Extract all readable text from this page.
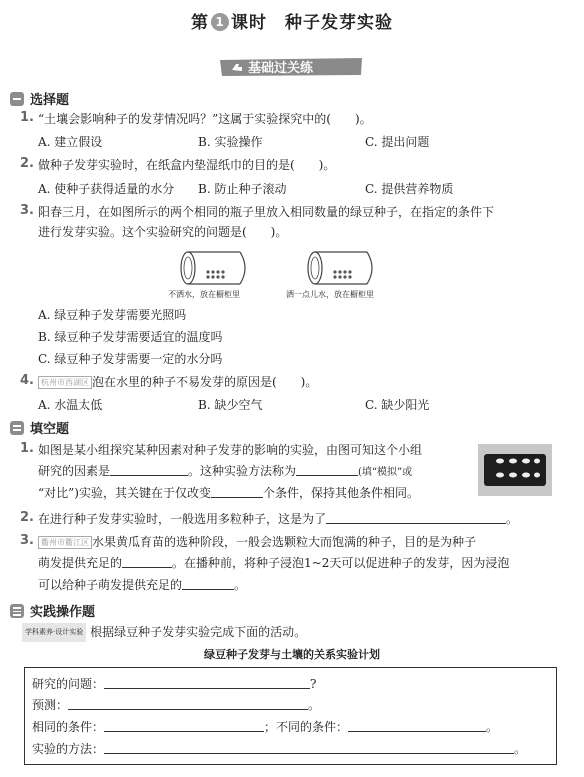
第 1 课时　种子发芽实验
基础过关练
选择题
1. “土壤会影响种子的发芽情况吗？”这属于实验探究中的(　　)。
A. 建立假设	B. 实验操作	C. 提出问题
2. 做种子发芽实验时，在纸盒内垫湿纸巾的目的是(　　)。
A. 使种子获得适量的水分 B. 防止种子滚动	C. 提供营养物质
3. 阳春三月，在如图所示的两个相同的瓶子里放入相同数量的绿豆种子，在指定的条件下
进行发芽实验。这个实验研究的问题是(　　)。
不洒水，放在橱柜里	洒一点儿水，放在橱柜里
A. 绿豆种子发芽需要光照吗
B. 绿豆种子发芽需要适宜的温度吗
C. 绿豆种子发芽需要一定的水分吗
4. 杭州市西湖区 泡在水里的种子不易发芽的原因是(　　)。
A. 水温太低	B. 缺少空气	C. 缺少阳光
填空题
1. 如图是某小组探究某种因素对种子发芽的影响的实验，由图可知这个小组
研究的因素是	。这种实验方法称为	(填“模拟”或
“对比”)实验，其关键在于仅改变	个条件，保持其他条件相同。
2. 在进行种子发芽实验时，一般选用多粒种子，这是为了	。
3. 衢州市衢江区 水果黄瓜育苗的选种阶段，一般会选颗粒大而饱满的种子，目的是为种子
萌发提供充足的	。在播种前，将种子浸泡1~2天可以促进种子的发芽，因为浸泡
可以给种子萌发提供充足的	。
实践操作题
学科素养·设计实验 根据绿豆种子发芽实验完成下面的活动。
绿豆种子发芽与土壤的关系实验计划
研究的问题：	?
预测：	。
相同的条件：	；不同的条件：	。
实验的方法：	。
